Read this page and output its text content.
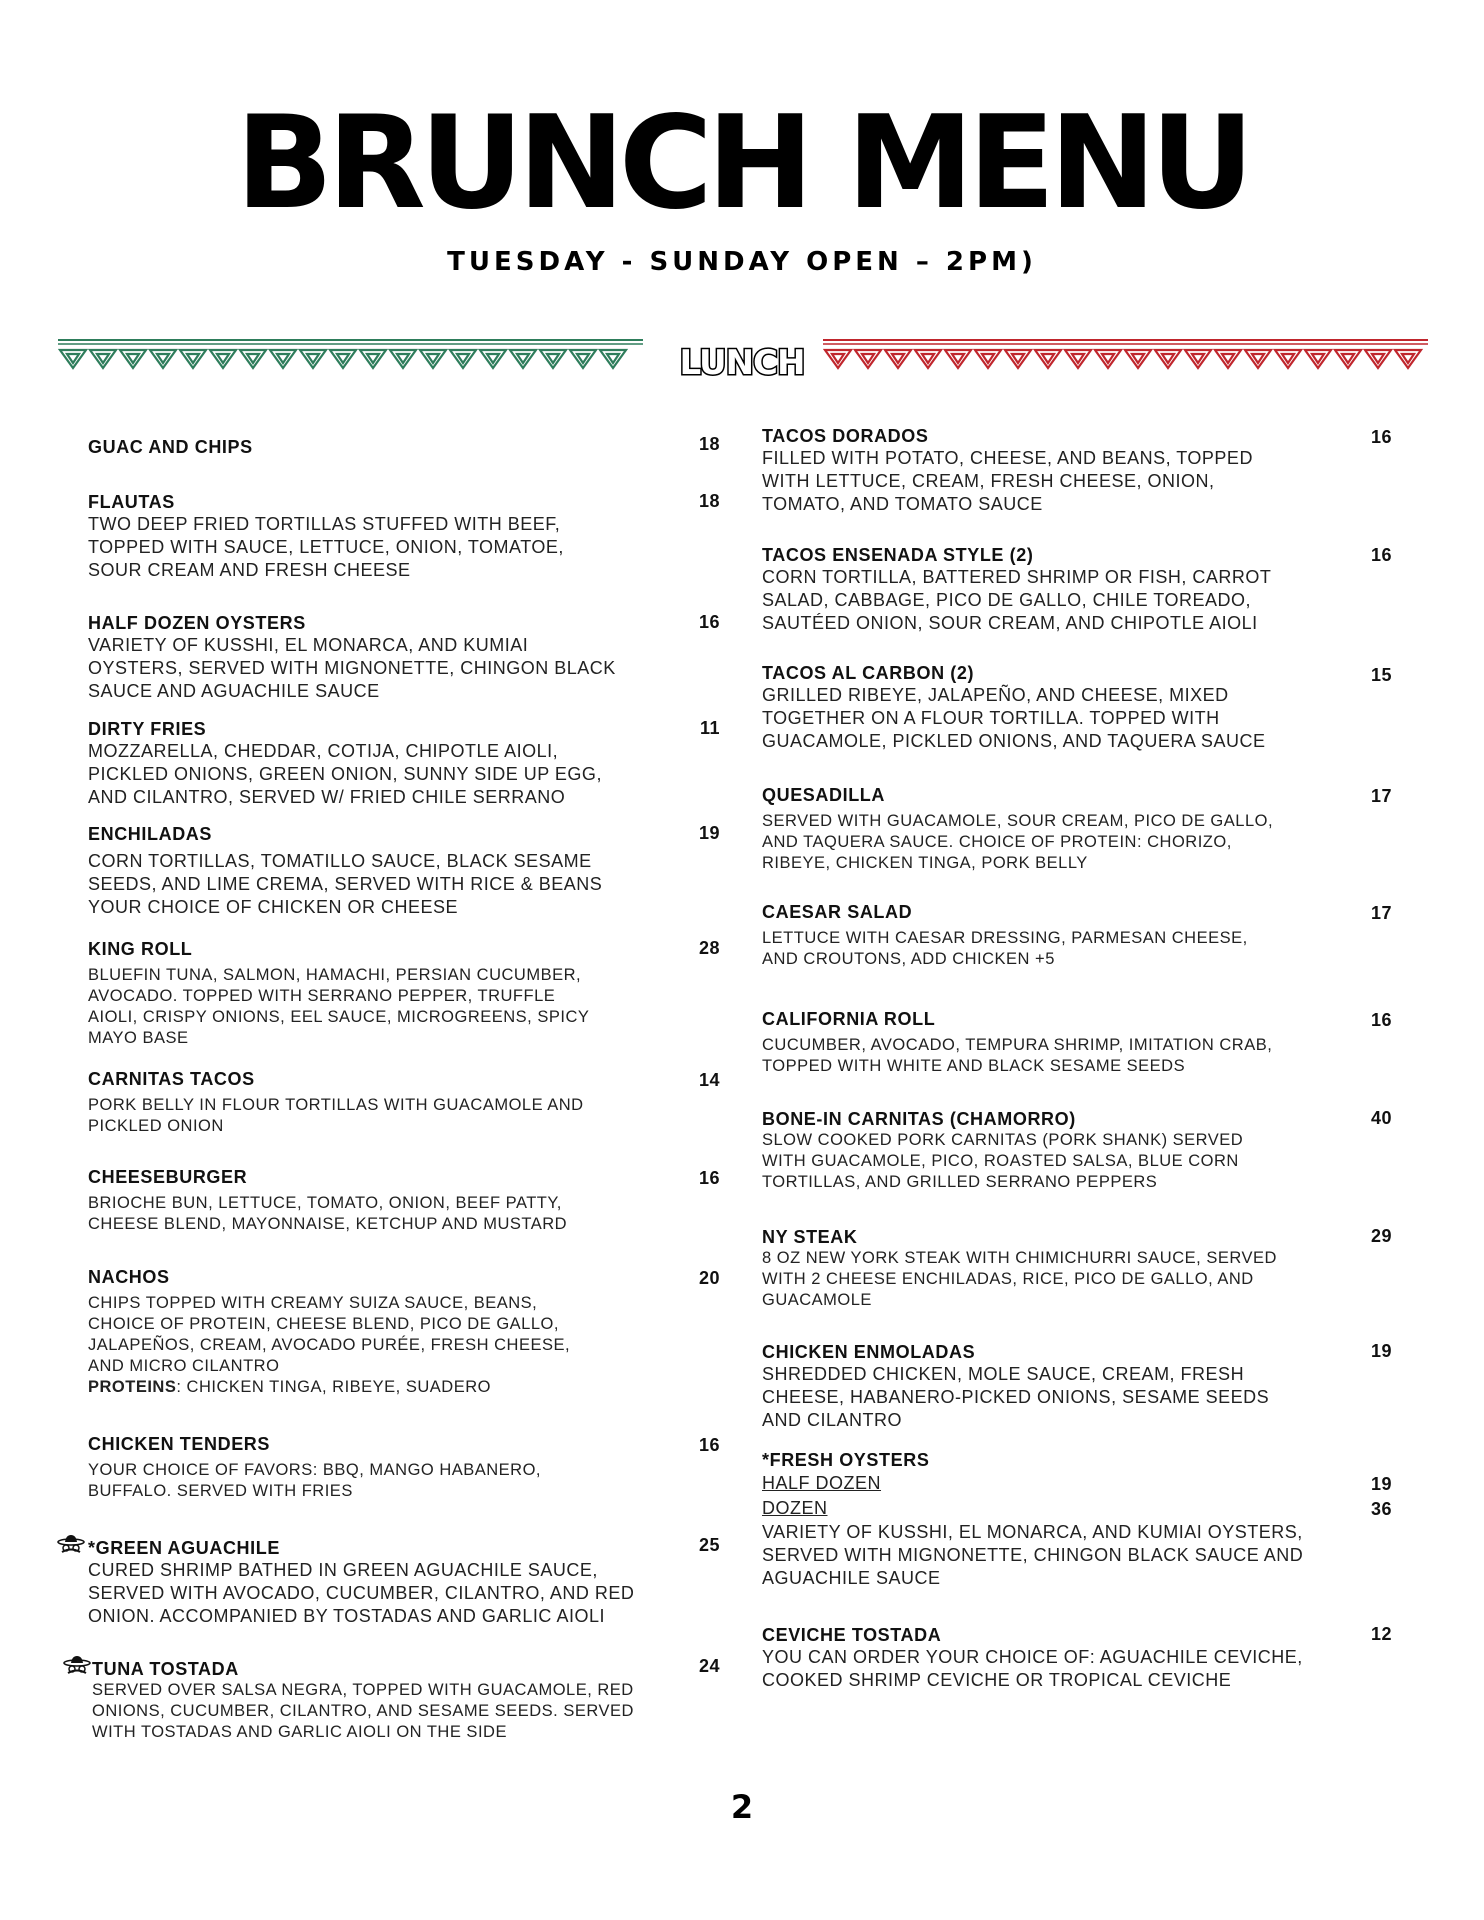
BRUNCH MENU
TUESDAY - SUNDAY OPEN – 2PM)
LUNCH
GUAC AND CHIPS	18
FLAUTAS
TWO DEEP FRIED TORTILLAS STUFFED WITH BEEF,
TOPPED WITH SAUCE, LETTUCE, ONION, TOMATOE,
SOUR CREAM AND FRESH CHEESE
18
HALF DOZEN OYSTERS
VARIETY OF KUSSHI, EL MONARCA, AND KUMIAI
OYSTERS, SERVED WITH MIGNONETTE, CHINGON BLACK
SAUCE AND AGUACHILE SAUCE
16
DIRTY FRIES
MOZZARELLA, CHEDDAR, COTIJA, CHIPOTLE AIOLI,
PICKLED ONIONS, GREEN ONION, SUNNY SIDE UP EGG,
AND CILANTRO, SERVED W/ FRIED CHILE SERRANO
11
ENCHILADAS
CORN TORTILLAS, TOMATILLO SAUCE, BLACK SESAME
SEEDS, AND LIME CREMA, SERVED WITH RICE & BEANS
YOUR CHOICE OF CHICKEN OR CHEESE
19
KING ROLL
BLUEFIN TUNA, SALMON, HAMACHI, PERSIAN CUCUMBER,
AVOCADO. TOPPED WITH SERRANO PEPPER, TRUFFLE
AIOLI, CRISPY ONIONS, EEL SAUCE, MICROGREENS, SPICY
MAYO BASE
28
CARNITAS TACOS
PORK BELLY IN FLOUR TORTILLAS WITH GUACAMOLE AND
PICKLED ONION
14
CHEESEBURGER
BRIOCHE BUN, LETTUCE, TOMATO, ONION, BEEF PATTY,
CHEESE BLEND, MAYONNAISE, KETCHUP AND MUSTARD
16
NACHOS
CHIPS TOPPED WITH CREAMY SUIZA SAUCE, BEANS,
CHOICE OF PROTEIN, CHEESE BLEND, PICO DE GALLO,
JALAPEÑOS, CREAM, AVOCADO PURÉE, FRESH CHEESE,
AND MICRO CILANTRO
PROTEINS: CHICKEN TINGA, RIBEYE, SUADERO
20
CHICKEN TENDERS
YOUR CHOICE OF FAVORS: BBQ, MANGO HABANERO,
BUFFALO. SERVED WITH FRIES
16
*GREEN AGUACHILE
CURED SHRIMP BATHED IN GREEN AGUACHILE SAUCE,
SERVED WITH AVOCADO, CUCUMBER, CILANTRO, AND RED
ONION. ACCOMPANIED BY TOSTADAS AND GARLIC AIOLI
25
TUNA TOSTADA
SERVED OVER SALSA NEGRA, TOPPED WITH GUACAMOLE, RED
ONIONS, CUCUMBER, CILANTRO, AND SESAME SEEDS. SERVED
WITH TOSTADAS AND GARLIC AIOLI ON THE SIDE
24
TACOS DORADOS
FILLED WITH POTATO, CHEESE, AND BEANS, TOPPED
WITH LETTUCE, CREAM, FRESH CHEESE, ONION,
TOMATO, AND TOMATO SAUCE
16
TACOS ENSENADA STYLE (2)
CORN TORTILLA, BATTERED SHRIMP OR FISH, CARROT
SALAD, CABBAGE, PICO DE GALLO, CHILE TOREADO,
SAUTÉED ONION, SOUR CREAM, AND CHIPOTLE AIOLI
16
TACOS AL CARBON (2)
GRILLED RIBEYE, JALAPEÑO, AND CHEESE, MIXED
TOGETHER ON A FLOUR TORTILLA. TOPPED WITH
GUACAMOLE, PICKLED ONIONS, AND TAQUERA SAUCE
15
QUESADILLA
SERVED WITH GUACAMOLE, SOUR CREAM, PICO DE GALLO,
AND TAQUERA SAUCE. CHOICE OF PROTEIN: CHORIZO,
RIBEYE, CHICKEN TINGA, PORK BELLY
17
CAESAR SALAD
LETTUCE WITH CAESAR DRESSING, PARMESAN CHEESE,
AND CROUTONS, ADD CHICKEN +5
17
CALIFORNIA ROLL
CUCUMBER, AVOCADO, TEMPURA SHRIMP, IMITATION CRAB,
TOPPED WITH WHITE AND BLACK SESAME SEEDS
16
BONE-IN CARNITAS (CHAMORRO)
SLOW COOKED PORK CARNITAS (PORK SHANK) SERVED
WITH GUACAMOLE, PICO, ROASTED SALSA, BLUE CORN
TORTILLAS, AND GRILLED SERRANO PEPPERS
40
NY STEAK
8 OZ NEW YORK STEAK WITH CHIMICHURRI SAUCE, SERVED
WITH 2 CHEESE ENCHILADAS, RICE, PICO DE GALLO, AND
GUACAMOLE
29
CHICKEN ENMOLADAS
SHREDDED CHICKEN, MOLE SAUCE, CREAM, FRESH
CHEESE, HABANERO-PICKED ONIONS, SESAME SEEDS
AND CILANTRO
19
*FRESH OYSTERS
HALF DOZEN
DOZEN
VARIETY OF KUSSHI, EL MONARCA, AND KUMIAI OYSTERS,
SERVED WITH MIGNONETTE, CHINGON BLACK SAUCE AND
AGUACHILE SAUCE
19
36
CEVICHE TOSTADA
YOU CAN ORDER YOUR CHOICE OF: AGUACHILE CEVICHE,
COOKED SHRIMP CEVICHE OR TROPICAL CEVICHE
12
2
